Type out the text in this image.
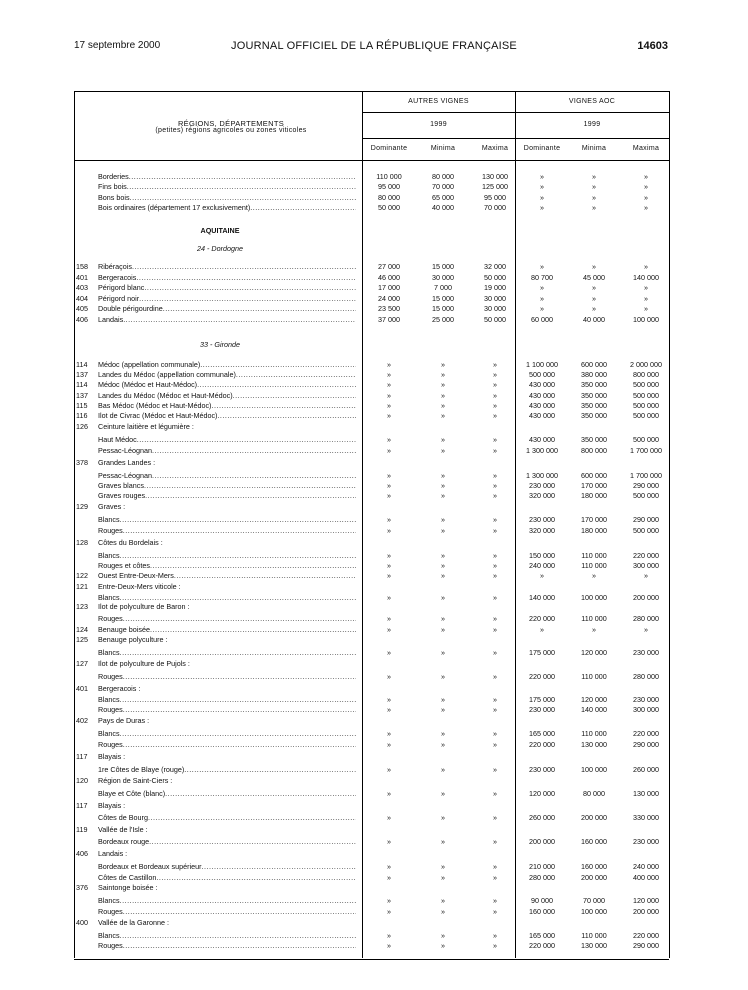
17 septembre 2000	JOURNAL OFFICIEL DE LA RÉPUBLIQUE FRANÇAISE	14603
RÉGIONS, DÉPARTEMENTS
(petites) régions agricoles ou zones viticoles
AUTRES VIGNES	VIGNES AOC
1999	1999
Dominante	Minima	Maxima	Dominante	Minima	Maxima
Borderies .....	110 000	80 000	130 000	»	»	»
Fins bois .....	95 000	70 000	125 000	»	»	»
Bons bois .....	80 000	65 000	95 000	»	»	»
Bois ordinaires (département 17 exclusivement) .....	50 000	40 000	70 000	»	»	»
AQUITAINE
24 - Dordogne
158	Ribéraçois .....	27 000	15 000	32 000	»	»	»
401	Bergeracois .....	46 000	30 000	50 000	80 700	45 000	140 000
403	Périgord blanc .....	17 000	7 000	19 000	»	»	»
404	Périgord noir .....	24 000	15 000	30 000	»	»	»
405	Double périgourdine .....	23 500	15 000	30 000	»	»	»
406	Landais .....	37 000	25 000	50 000	60 000	40 000	100 000
33 - Gironde
114	Médoc (appellation communale) .....	»	»	»	1 100 000	600 000	2 000 000
137	Landes du Médoc (appellation communale) .....	»	»	»	500 000	380 000	800 000
114	Médoc (Médoc et Haut-Médoc) .....	»	»	»	430 000	350 000	500 000
137	Landes du Médoc (Médoc et Haut-Médoc) .....	»	»	»	430 000	350 000	500 000
115	Bas Médoc (Médoc et Haut-Médoc) .....	»	»	»	430 000	350 000	500 000
116	Ilot de Civrac (Médoc et Haut-Médoc) .....	»	»	»	430 000	350 000	500 000
126	Ceinture laitière et légumière :
Haut Médoc .....	»	»	»	430 000	350 000	500 000
Pessac-Léognan .....	»	»	»	1 300 000	800 000	1 700 000
378	Grandes Landes :
Pessac-Léognan .....	»	»	»	1 300 000	600 000	1 700 000
Graves blancs .....	»	»	»	230 000	170 000	290 000
Graves rouges .....	»	»	»	320 000	180 000	500 000
129	Graves :
Blancs .....	»	»	»	230 000	170 000	290 000
Rouges .....	»	»	»	320 000	180 000	500 000
128	Côtes du Bordelais :
Blancs .....	»	»	»	150 000	110 000	220 000
Rouges et côtes .....	»	»	»	240 000	110 000	300 000
122	Ouest Entre-Deux-Mers .....	»	»	»	»	»	»
121	Entre-Deux-Mers viticole :
Blancs .....	»	»	»	140 000	100 000	200 000
123	Ilot de polyculture de Baron :
Rouges .....	»	»	»	220 000	110 000	280 000
124	Benauge boisée .....	»	»	»	»	»	»
125	Benauge polyculture :
Blancs .....	»	»	»	175 000	120 000	230 000
127	Ilot de polyculture de Pujols :
Rouges .....	»	»	»	220 000	110 000	280 000
401	Bergeracois :
Blancs .....	»	»	»	175 000	120 000	230 000
Rouges .....	»	»	»	230 000	140 000	300 000
402	Pays de Duras :
Blancs .....	»	»	»	165 000	110 000	220 000
Rouges .....	»	»	»	220 000	130 000	290 000
117	Blayais :
1re Côtes de Blaye (rouge) .....	»	»	»	230 000	100 000	260 000
120	Région de Saint-Ciers :
Blaye et Côte (blanc) .....	»	»	»	120 000	80 000	130 000
117	Blayais :
Côtes de Bourg .....	»	»	»	260 000	200 000	330 000
119	Vallée de l'Isle :
Bordeaux rouge .....	»	»	»	200 000	160 000	230 000
406	Landais :
Bordeaux et Bordeaux supérieur .....	»	»	»	210 000	160 000	240 000
Côtes de Castillon .....	»	»	»	280 000	200 000	400 000
376	Saintonge boisée :
Blancs .....	»	»	»	90 000	70 000	120 000
Rouges .....	»	»	»	160 000	100 000	200 000
400	Vallée de la Garonne :
Blancs .....	»	»	»	165 000	110 000	220 000
Rouges .....	»	»	»	220 000	130 000	290 000
